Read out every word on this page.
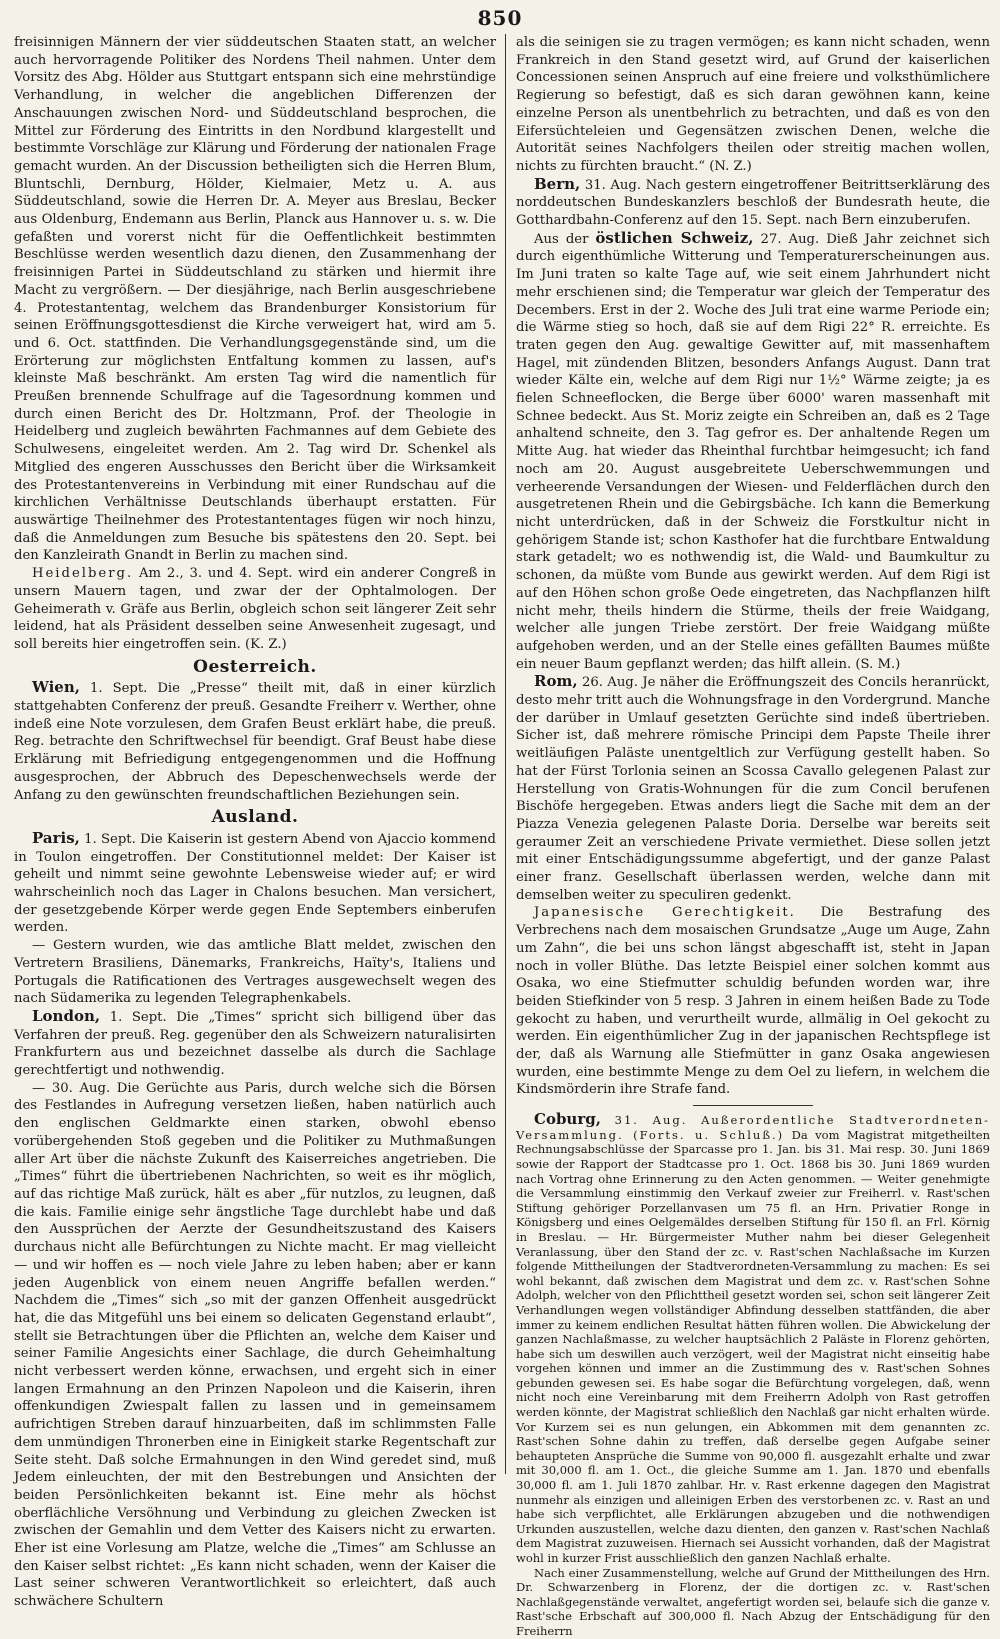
850

freisinnigen Männern der vier süddeutschen Staaten statt, an welcher auch hervorragende Politiker des Nordens Theil nahmen. Unter dem Vorsitz des Abg. Hölder aus Stuttgart entspann sich eine mehrstündige Verhandlung, in welcher die angeblichen Differenzen der Anschauungen zwischen Nord- und Süddeutschland besprochen, die Mittel zur Förderung des Eintritts in den Nordbund klargestellt und bestimmte Vorschläge zur Klärung und Förderung der nationalen Frage gemacht wurden. An der Discussion betheiligten sich die Herren Blum, Bluntschli, Dernburg, Hölder, Kielmaier, Metz u. A. aus Süddeutschland, sowie die Herren Dr. A. Meyer aus Breslau, Becker aus Oldenburg, Endemann aus Berlin, Planck aus Hannover u. s. w. Die gefaßten und vorerst nicht für die Oeffentlichkeit bestimmten Beschlüsse werden wesentlich dazu dienen, den Zusammenhang der freisinnigen Partei in Süddeutschland zu stärken und hiermit ihre Macht zu vergrößern. — Der diesjährige, nach Berlin ausgeschriebene 4. Protestantentag, welchem das Brandenburger Konsistorium für seinen Eröffnungsgottesdienst die Kirche verweigert hat, wird am 5. und 6. Oct. stattfinden. Die Verhandlungsgegenstände sind, um die Erörterung zur möglichsten Entfaltung kommen zu lassen, auf's kleinste Maß beschränkt. Am ersten Tag wird die namentlich für Preußen brennende Schulfrage auf die Tagesordnung kommen und durch einen Bericht des Dr. Holtzmann, Prof. der Theologie in Heidelberg und zugleich bewährten Fachmannes auf dem Gebiete des Schulwesens, eingeleitet werden. Am 2. Tag wird Dr. Schenkel als Mitglied des engeren Ausschusses den Bericht über die Wirksamkeit des Protestantenvereins in Verbindung mit einer Rundschau auf die kirchlichen Verhältnisse Deutschlands überhaupt erstatten. Für auswärtige Theilnehmer des Protestantentages fügen wir noch hinzu, daß die Anmeldungen zum Besuche bis spätestens den 20. Sept. bei den Kanzleirath Gnandt in Berlin zu machen sind.

Heidelberg. Am 2., 3. und 4. Sept. wird ein anderer Congreß in unsern Mauern tagen, und zwar der der Ophtalmologen. Der Geheimerath v. Gräfe aus Berlin, obgleich schon seit längerer Zeit sehr leidend, hat als Präsident desselben seine Anwesenheit zugesagt, und soll bereits hier eingetroffen sein. (K. Z.)

Oesterreich.

Wien, 1. Sept. Die „Presse“ theilt mit, daß in einer kürzlich stattgehabten Conferenz der preuß. Gesandte Freiherr v. Werther, ohne indeß eine Note vorzulesen, dem Grafen Beust erklärt habe, die preuß. Reg. betrachte den Schriftwechsel für beendigt. Graf Beust habe diese Erklärung mit Befriedigung entgegengenommen und die Hoffnung ausgesprochen, der Abbruch des Depeschenwechsels werde der Anfang zu den gewünschten freundschaftlichen Beziehungen sein.

Ausland.

Paris, 1. Sept. Die Kaiserin ist gestern Abend von Ajaccio kommend in Toulon eingetroffen. Der Constitutionnel meldet: Der Kaiser ist geheilt und nimmt seine gewohnte Lebensweise wieder auf; er wird wahrscheinlich noch das Lager in Chalons besuchen. Man versichert, der gesetzgebende Körper werde gegen Ende Septembers einberufen werden.

— Gestern wurden, wie das amtliche Blatt meldet, zwischen den Vertretern Brasiliens, Dänemarks, Frankreichs, Haïty's, Italiens und Portugals die Ratificationen des Vertrages ausgewechselt wegen des nach Südamerika zu legenden Telegraphenkabels.

London, 1. Sept. Die „Times“ spricht sich billigend über das Verfahren der preuß. Reg. gegenüber den als Schweizern naturalisirten Frankfurtern aus und bezeichnet dasselbe als durch die Sachlage gerechtfertigt und nothwendig.

— 30. Aug. Die Gerüchte aus Paris, durch welche sich die Börsen des Festlandes in Aufregung versetzen ließen, haben natürlich auch den englischen Geldmarkte einen starken, obwohl ebenso vorübergehenden Stoß gegeben und die Politiker zu Muthmaßungen aller Art über die nächste Zukunft des Kaiserreiches angetrieben. Die „Times“ führt die übertriebenen Nachrichten, so weit es ihr möglich, auf das richtige Maß zurück, hält es aber „für nutzlos, zu leugnen, daß die kais. Familie einige sehr ängstliche Tage durchlebt habe und daß den Aussprüchen der Aerzte der Gesundheitszustand des Kaisers durchaus nicht alle Befürchtungen zu Nichte macht. Er mag vielleicht — und wir hoffen es — noch viele Jahre zu leben haben; aber er kann jeden Augenblick von einem neuen Angriffe befallen werden.“ Nachdem die „Times“ sich „so mit der ganzen Offenheit ausgedrückt hat, die das Mitgefühl uns bei einem so delicaten Gegenstand erlaubt“, stellt sie Betrachtungen über die Pflichten an, welche dem Kaiser und seiner Familie Angesichts einer Sachlage, die durch Geheimhaltung nicht verbessert werden könne, erwachsen, und ergeht sich in einer langen Ermahnung an den Prinzen Napoleon und die Kaiserin, ihren offenkundigen Zwiespalt fallen zu lassen und in gemeinsamem aufrichtigen Streben darauf hinzuarbeiten, daß im schlimmsten Falle dem unmündigen Thronerben eine in Einigkeit starke Regentschaft zur Seite steht. Daß solche Ermahnungen in den Wind geredet sind, muß Jedem einleuchten, der mit den Bestrebungen und Ansichten der beiden Persönlichkeiten bekannt ist. Eine mehr als höchst oberflächliche Versöhnung und Verbindung zu gleichen Zwecken ist zwischen der Gemahlin und dem Vetter des Kaisers nicht zu erwarten. Eher ist eine Vorlesung am Platze, welche die „Times“ am Schlusse an den Kaiser selbst richtet: „Es kann nicht schaden, wenn der Kaiser die Last seiner schweren Verantwortlichkeit so erleichtert, daß auch schwächere Schultern

als die seinigen sie zu tragen vermögen; es kann nicht schaden, wenn Frankreich in den Stand gesetzt wird, auf Grund der kaiserlichen Concessionen seinen Anspruch auf eine freiere und volksthümlichere Regierung so befestigt, daß es sich daran gewöhnen kann, keine einzelne Person als unentbehrlich zu betrachten, und daß es von den Eifersüchteleien und Gegensätzen zwischen Denen, welche die Autorität seines Nachfolgers theilen oder streitig machen wollen, nichts zu fürchten braucht.“ (N. Z.)

Bern, 31. Aug. Nach gestern eingetroffener Beitrittserklärung des norddeutschen Bundeskanzlers beschloß der Bundesrath heute, die Gotthardbahn-Conferenz auf den 15. Sept. nach Bern einzuberufen.

Aus der östlichen Schweiz, 27. Aug. Dieß Jahr zeichnet sich durch eigenthümliche Witterung und Temperaturerscheinungen aus. Im Juni traten so kalte Tage auf, wie seit einem Jahrhundert nicht mehr erschienen sind; die Temperatur war gleich der Temperatur des Decembers. Erst in der 2. Woche des Juli trat eine warme Periode ein; die Wärme stieg so hoch, daß sie auf dem Rigi 22° R. erreichte. Es traten gegen den Aug. gewaltige Gewitter auf, mit massenhaftem Hagel, mit zündenden Blitzen, besonders Anfangs August. Dann trat wieder Kälte ein, welche auf dem Rigi nur 1½° Wärme zeigte; ja es fielen Schneeflocken, die Berge über 6000' waren massenhaft mit Schnee bedeckt. Aus St. Moriz zeigte ein Schreiben an, daß es 2 Tage anhaltend schneite, den 3. Tag gefror es. Der anhaltende Regen um Mitte Aug. hat wieder das Rheinthal furchtbar heimgesucht; ich fand noch am 20. August ausgebreitete Ueberschwemmungen und verheerende Versandungen der Wiesen- und Felderflächen durch den ausgetretenen Rhein und die Gebirgsbäche. Ich kann die Bemerkung nicht unterdrücken, daß in der Schweiz die Forstkultur nicht in gehörigem Stande ist; schon Kasthofer hat die furchtbare Entwaldung stark getadelt; wo es nothwendig ist, die Wald- und Baumkultur zu schonen, da müßte vom Bunde aus gewirkt werden. Auf dem Rigi ist auf den Höhen schon große Oede eingetreten, das Nachpflanzen hilft nicht mehr, theils hindern die Stürme, theils der freie Waidgang, welcher alle jungen Triebe zerstört. Der freie Waidgang müßte aufgehoben werden, und an der Stelle eines gefällten Baumes müßte ein neuer Baum gepflanzt werden; das hilft allein. (S. M.)

Rom, 26. Aug. Je näher die Eröffnungszeit des Concils heranrückt, desto mehr tritt auch die Wohnungsfrage in den Vordergrund. Manche der darüber in Umlauf gesetzten Gerüchte sind indeß übertrieben. Sicher ist, daß mehrere römische Principi dem Papste Theile ihrer weitläufigen Paläste unentgeltlich zur Verfügung gestellt haben. So hat der Fürst Torlonia seinen an Scossa Cavallo gelegenen Palast zur Herstellung von Gratis-Wohnungen für die zum Concil berufenen Bischöfe hergegeben. Etwas anders liegt die Sache mit dem an der Piazza Venezia gelegenen Palaste Doria. Derselbe war bereits seit geraumer Zeit an verschiedene Private vermiethet. Diese sollen jetzt mit einer Entschädigungssumme abgefertigt, und der ganze Palast einer franz. Gesellschaft überlassen werden, welche dann mit demselben weiter zu speculiren gedenkt.

Japanesische Gerechtigkeit. Die Bestrafung des Verbrechens nach dem mosaischen Grundsatze „Auge um Auge, Zahn um Zahn“, die bei uns schon längst abgeschafft ist, steht in Japan noch in voller Blüthe. Das letzte Beispiel einer solchen kommt aus Osaka, wo eine Stiefmutter schuldig befunden worden war, ihre beiden Stiefkinder von 5 resp. 3 Jahren in einem heißen Bade zu Tode gekocht zu haben, und verurtheilt wurde, allmälig in Oel gekocht zu werden. Ein eigenthümlicher Zug in der japanischen Rechtspflege ist der, daß als Warnung alle Stiefmütter in ganz Osaka angewiesen wurden, eine bestimmte Menge zu dem Oel zu liefern, in welchem die Kindsmörderin ihre Strafe fand.

Coburg, 31. Aug. Außerordentliche Stadtverordneten-Versammlung. (Forts. u. Schluß.) Da vom Magistrat mitgetheilten Rechnungsabschlüsse der Sparcasse pro 1. Jan. bis 31. Mai resp. 30. Juni 1869 sowie der Rapport der Stadtcasse pro 1. Oct. 1868 bis 30. Juni 1869 wurden nach Vortrag ohne Erinnerung zu den Acten genommen. — Weiter genehmigte die Versammlung einstimmig den Verkauf zweier zur Freiherrl. v. Rast'schen Stiftung gehöriger Porzellanvasen um 75 fl. an Hrn. Privatier Ronge in Königsberg und eines Oelgemäldes derselben Stiftung für 150 fl. an Frl. Körnig in Breslau. — Hr. Bürgermeister Muther nahm bei dieser Gelegenheit Veranlassung, über den Stand der zc. v. Rast'schen Nachlaßsache im Kurzen folgende Mittheilungen der Stadtverordneten-Versammlung zu machen: Es sei wohl bekannt, daß zwischen dem Magistrat und dem zc. v. Rast'schen Sohne Adolph, welcher von den Pflichttheil gesetzt worden sei, schon seit längerer Zeit Verhandlungen wegen vollständiger Abfindung desselben stattfänden, die aber immer zu keinem endlichen Resultat hätten führen wollen. Die Abwickelung der ganzen Nachlaßmasse, zu welcher hauptsächlich 2 Paläste in Florenz gehörten, habe sich um deswillen auch verzögert, weil der Magistrat nicht einseitig habe vorgehen können und immer an die Zustimmung des v. Rast'schen Sohnes gebunden gewesen sei. Es habe sogar die Befürchtung vorgelegen, daß, wenn nicht noch eine Vereinbarung mit dem Freiherrn Adolph von Rast getroffen werden könnte, der Magistrat schließlich den Nachlaß gar nicht erhalten würde. Vor Kurzem sei es nun gelungen, ein Abkommen mit dem genannten zc. Rast'schen Sohne dahin zu treffen, daß derselbe gegen Aufgabe seiner behaupteten Ansprüche die Summe von 90,000 fl. ausgezahlt erhalte und zwar mit 30,000 fl. am 1. Oct., die gleiche Summe am 1. Jan. 1870 und ebenfalls 30,000 fl. am 1. Juli 1870 zahlbar. Hr. v. Rast erkenne dagegen den Magistrat nunmehr als einzigen und alleinigen Erben des verstorbenen zc. v. Rast an und habe sich verpflichtet, alle Erklärungen abzugeben und die nothwendigen Urkunden auszustellen, welche dazu dienten, den ganzen v. Rast'schen Nachlaß dem Magistrat zuzuweisen. Hiernach sei Aussicht vorhanden, daß der Magistrat wohl in kurzer Frist ausschließlich den ganzen Nachlaß erhalte.

Nach einer Zusammenstellung, welche auf Grund der Mittheilungen des Hrn. Dr. Schwarzenberg in Florenz, der die dortigen zc. v. Rast'schen Nachlaßgegenstände verwaltet, angefertigt worden sei, belaufe sich die ganze v. Rast'sche Erbschaft auf 300,000 fl. Nach Abzug der Entschädigung für den Freiherrn
